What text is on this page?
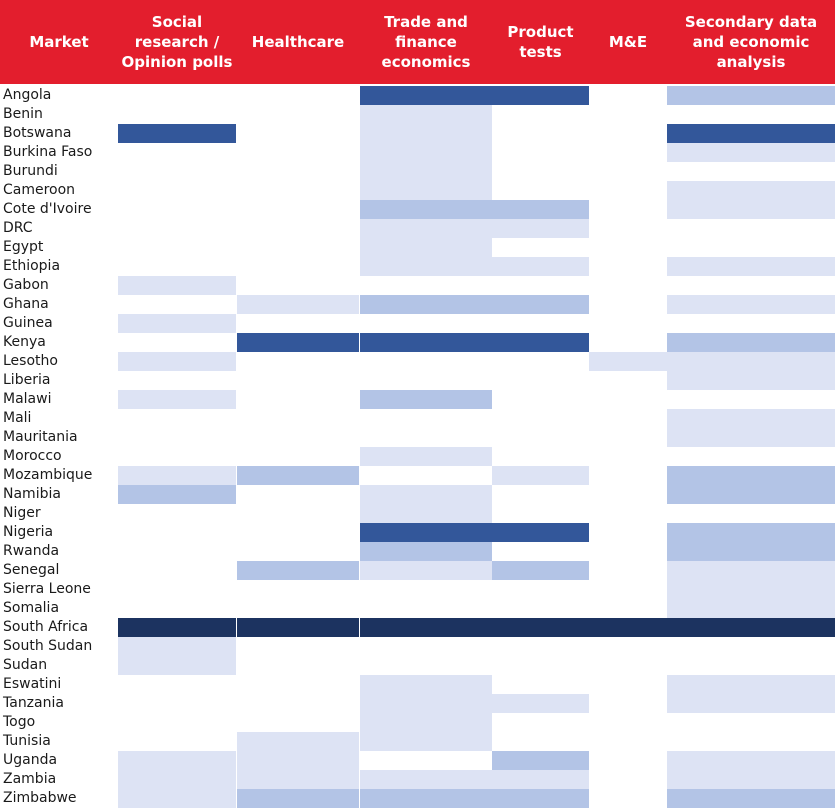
Market
Social
research /
Opinion polls
Healthcare
Trade and
finance
economics
Product
tests
M&E
Secondary data
and economic
analysis
Angola
Benin
Botswana
Burkina Faso
Burundi
Cameroon
Cote d'Ivoire
DRC
Egypt
Ethiopia
Gabon
Ghana
Guinea
Kenya
Lesotho
Liberia
Malawi
Mali
Mauritania
Morocco
Mozambique
Namibia
Niger
Nigeria
Rwanda
Senegal
Sierra Leone
Somalia
South Africa
South Sudan
Sudan
Eswatini
Tanzania
Togo
Tunisia
Uganda
Zambia
Zimbabwe
